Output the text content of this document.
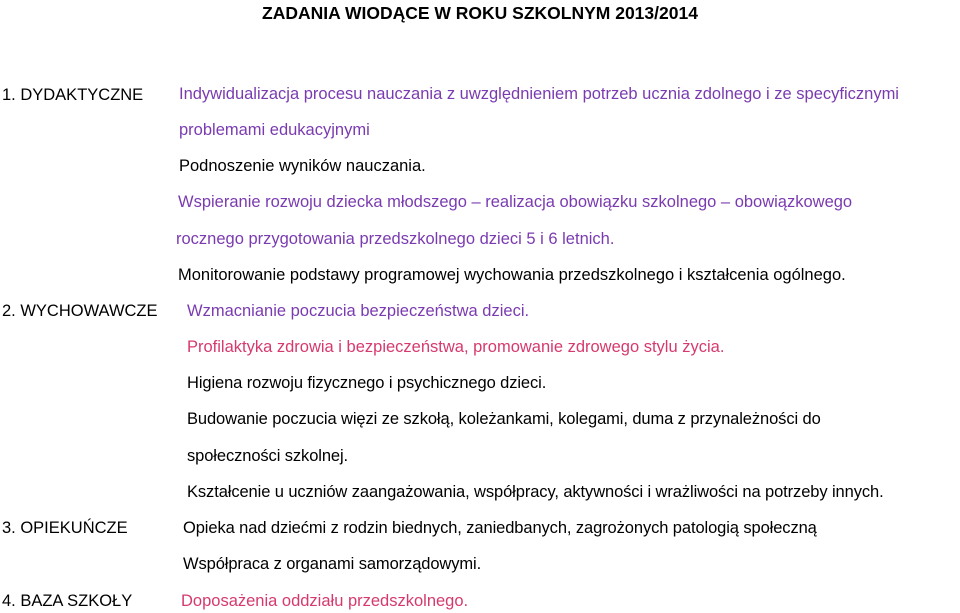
ZADANIA WIODĄCE W ROKU SZKOLNYM 2013/2014
1. DYDAKTYCZNE Indywidualizacja procesu nauczania z uwzględnieniem potrzeb ucznia zdolnego i ze specyficznymi
problemami edukacyjnymi
Podnoszenie wyników nauczania.
Wspieranie rozwoju dziecka młodszego – realizacja obowiązku szkolnego – obowiązkowego
rocznego przygotowania przedszkolnego dzieci 5 i 6 letnich.
Monitorowanie podstawy programowej wychowania przedszkolnego i kształcenia ogólnego.
2. WYCHOWAWCZE Wzmacnianie poczucia bezpieczeństwa dzieci.
Profilaktyka zdrowia i bezpieczeństwa, promowanie zdrowego stylu życia.
Higiena rozwoju fizycznego i psychicznego dzieci.
Budowanie poczucia więzi ze szkołą, koleżankami, kolegami, duma z przynależności do
społeczności szkolnej.
Kształcenie u uczniów zaangażowania, współpracy, aktywności i wrażliwości na potrzeby innych.
3. OPIEKUŃCZE	Opieka nad dziećmi z rodzin biednych, zaniedbanych, zagrożonych patologią społeczną
Współpraca z organami samorządowymi.
4. BAZA SZKOŁY	Doposażenia oddziału przedszkolnego.
